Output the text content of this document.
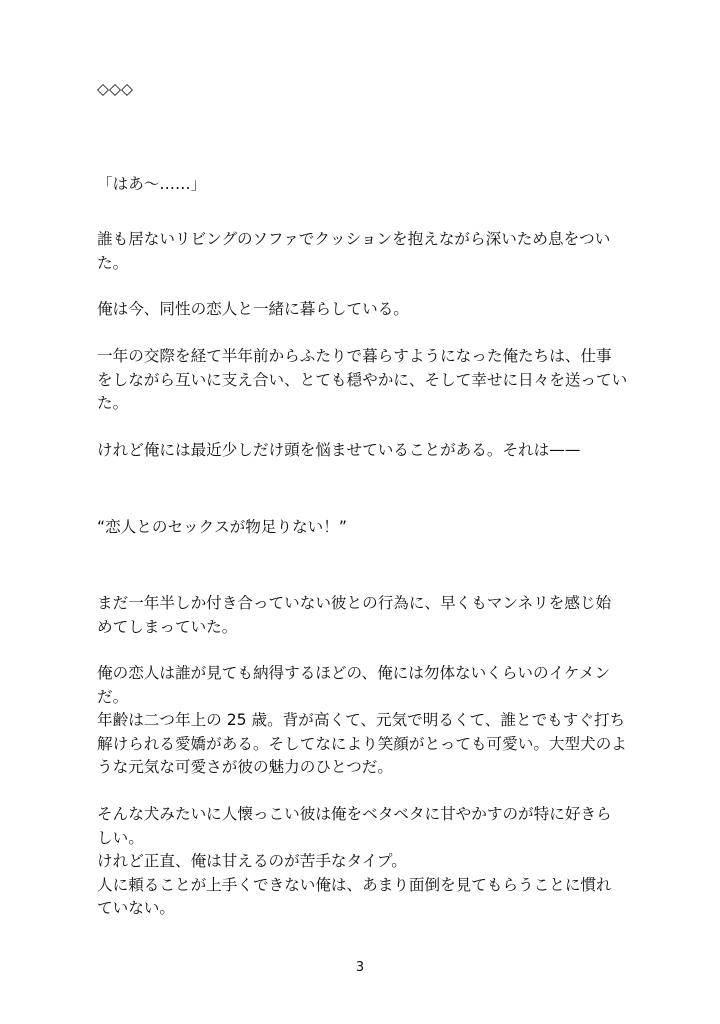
◇◇◇
「はあ〜……」
誰も居ないリビングのソファでクッションを抱えながら深いため息をつい
た。
俺は今、同性の恋人と一緒に暮らしている。
一年の交際を経て半年前からふたりで暮らすようになった俺たちは、仕事
をしながら互いに支え合い、とても穏やかに、そして幸せに日々を送ってい
た。
けれど俺には最近少しだけ頭を悩ませていることがある。それは——
“恋人とのセックスが物足りない！”
まだ一年半しか付き合っていない彼との行為に、早くもマンネリを感じ始
めてしまっていた。
俺の恋人は誰が見ても納得するほどの、俺には勿体ないくらいのイケメン
だ。
年齢は二つ年上の 25 歳。背が高くて、元気で明るくて、誰とでもすぐ打ち
解けられる愛嬌がある。そしてなにより笑顔がとっても可愛い。大型犬のよ
うな元気な可愛さが彼の魅力のひとつだ。
そんな犬みたいに人懐っこい彼は俺をベタベタに甘やかすのが特に好きら
しい。
けれど正直、俺は甘えるのが苦手なタイプ。
人に頼ることが上手くできない俺は、あまり面倒を見てもらうことに慣れ
ていない。
3
